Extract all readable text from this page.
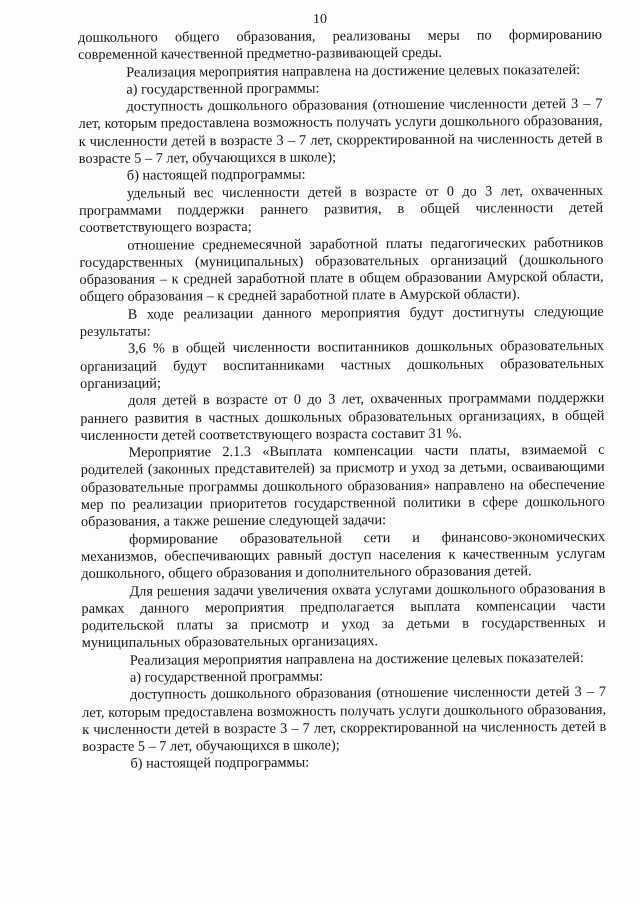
10

дошкольного общего образования, реализованы меры по формированию современной качественной предметно-развивающей среды.

Реализация мероприятия направлена на достижение целевых показателей:

а) государственной программы:

доступность дошкольного образования (отношение численности детей 3 – 7 лет, которым предоставлена возможность получать услуги дошкольного образования, к численности детей в возрасте 3 – 7 лет, скорректированной на численность детей в возрасте 5 – 7 лет, обучающихся в школе);

б) настоящей подпрограммы:

удельный вес численности детей в возрасте от 0 до 3 лет, охваченных программами поддержки раннего развития, в общей численности детей соответствующего возраста;

отношение среднемесячной заработной платы педагогических работников государственных (муниципальных) образовательных организаций (дошкольного образования – к средней заработной плате в общем образовании Амурской области, общего образования – к средней заработной плате в Амурской области).

В ходе реализации данного мероприятия будут достигнуты следующие результаты:

3,6 % в общей численности воспитанников дошкольных образовательных организаций будут воспитанниками частных дошкольных образовательных организаций;

доля детей в возрасте от 0 до 3 лет, охваченных программами поддержки раннего развития в частных дошкольных образовательных организациях, в общей численности детей соответствующего возраста составит 31 %.

Мероприятие 2.1.3 «Выплата компенсации части платы, взимаемой с родителей (законных представителей) за присмотр и уход за детьми, осваивающими образовательные программы дошкольного образования» направлено на обеспечение мер по реализации приоритетов государственной политики в сфере дошкольного образования, а также решение следующей задачи:

формирование образовательной сети и финансово-экономических механизмов, обеспечивающих равный доступ населения к качественным услугам дошкольного, общего образования и дополнительного образования детей.

Для решения задачи увеличения охвата услугами дошкольного образования в рамках данного мероприятия предполагается выплата компенсации части родительской платы за присмотр и уход за детьми в государственных и муниципальных образовательных организациях.

Реализация мероприятия направлена на достижение целевых показателей:

а) государственной программы:

доступность дошкольного образования (отношение численности детей 3 – 7 лет, которым предоставлена возможность получать услуги дошкольного образования, к численности детей в возрасте 3 – 7 лет, скорректированной на численность детей в возрасте 5 – 7 лет, обучающихся в школе);

б) настоящей подпрограммы:
